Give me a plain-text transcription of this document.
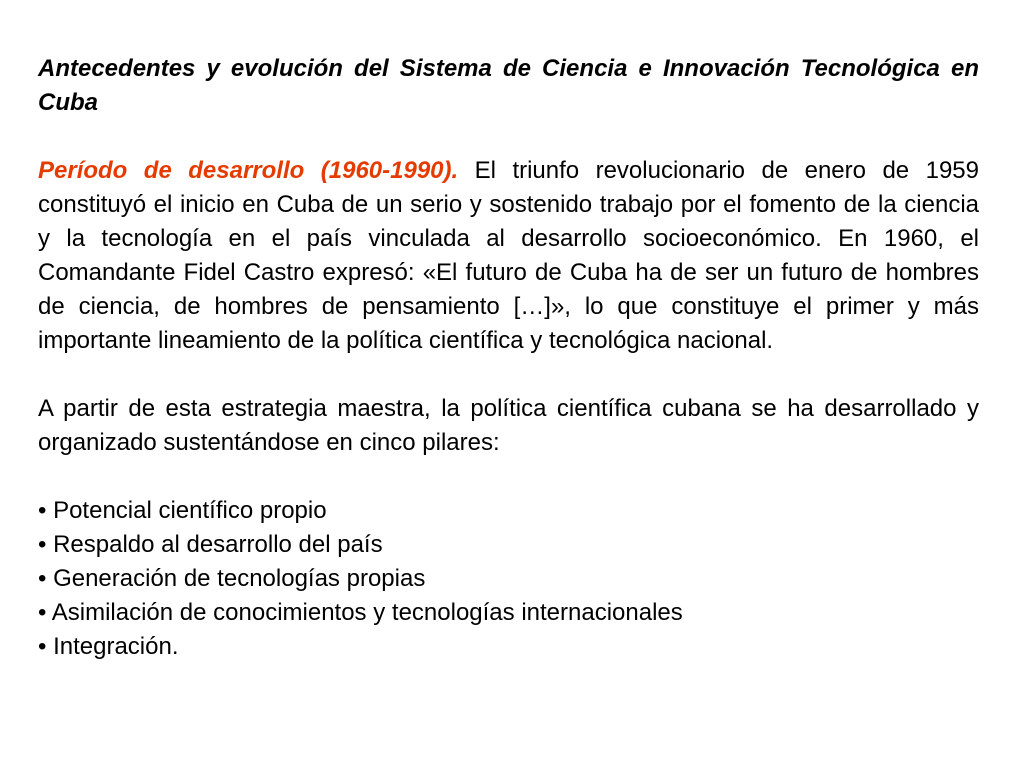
Antecedentes y evolución del Sistema de Ciencia e Innovación Tecnológica en Cuba

Período de desarrollo (1960-1990). El triunfo revolucionario de enero de 1959 constituyó el inicio en Cuba de un serio y sostenido trabajo por el fomento de la ciencia y la tecnología en el país vinculada al desarrollo socioeconómico. En 1960, el Comandante Fidel Castro expresó: «El futuro de Cuba ha de ser un futuro de hombres de ciencia, de hombres de pensamiento […]», lo que constituye el primer y más importante lineamiento de la política científica y tecnológica nacional.

A partir de esta estrategia maestra, la política científica cubana se ha desarrollado y organizado sustentándose en cinco pilares:

• Potencial científico propio
• Respaldo al desarrollo del país
• Generación de tecnologías propias
• Asimilación de conocimientos y tecnologías internacionales
• Integración.
